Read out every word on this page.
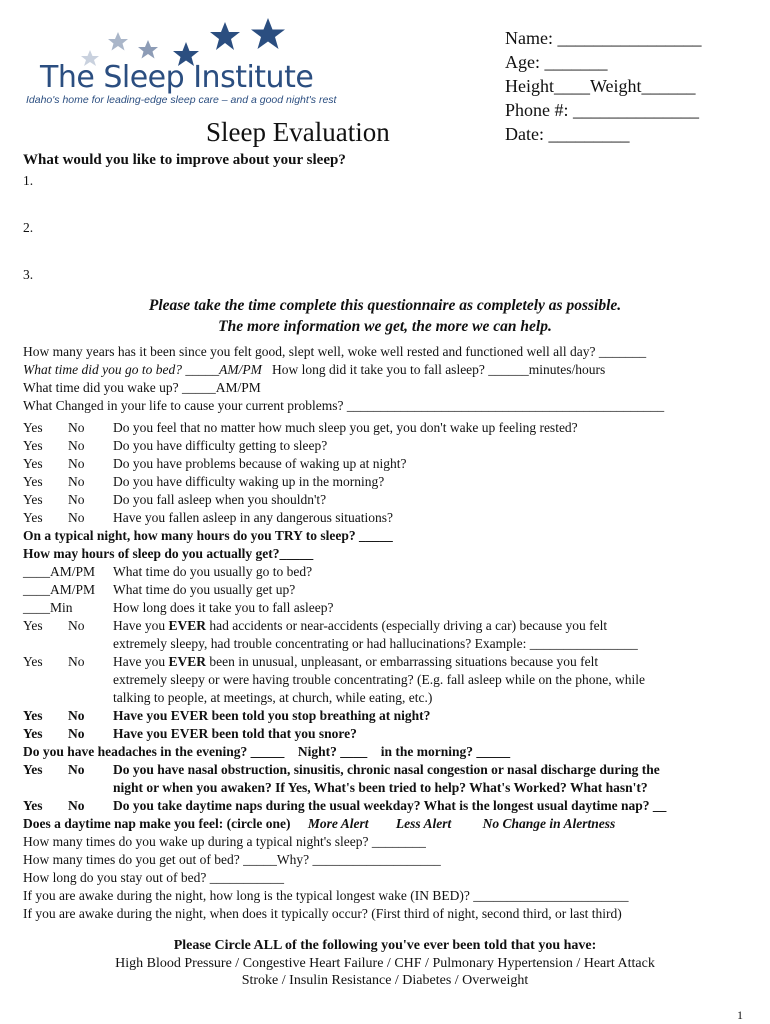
The Sleep Institute
Idaho's home for leading-edge sleep care – and a good night's rest
Sleep Evaluation
Name: ________________
Age: _______
Height____Weight______
Phone #: ______________
Date: _________
What would you like to improve about your sleep?
1.
2.
3.
Please take the time complete this questionnaire as completely as possible.
The more information we get, the more we can help.
How many years has it been since you felt good, slept well, woke well rested and functioned well all day? _______
What time did you go to bed? _____AM/PM How long did it take you to fall asleep? ______minutes/hours
What time did you wake up? _____AM/PM
What Changed in your life to cause your current problems? _______________________________________________
Yes No Do you feel that no matter how much sleep you get, you don't wake up feeling rested?
Yes No Do you have difficulty getting to sleep?
Yes No Do you have problems because of waking up at night?
Yes No Do you have difficulty waking up in the morning?
Yes No Do you fall asleep when you shouldn't?
Yes No Have you fallen asleep in any dangerous situations?
On a typical night, how many hours do you TRY to sleep? _____
How may hours of sleep do you actually get?_____
____AM/PM What time do you usually go to bed?
____AM/PM What time do you usually get up?
____Min	How long does it take you to fall asleep?
Yes No Have you EVER had accidents or near-accidents (especially driving a car) because you felt
extremely sleepy, had trouble concentrating or had hallucinations? Example: ________________
Yes No Have you EVER been in unusual, unpleasant, or embarrassing situations because you felt
extremely sleepy or were having trouble concentrating? (E.g. fall asleep while on the phone, while
talking to people, at meetings, at church, while eating, etc.)
Yes No Have you EVER been told you stop breathing at night?
Yes No Have you EVER been told that you snore?
Do you have headaches in the evening? _____ Night? ____ in the morning? _____
Yes No Do you have nasal obstruction, sinusitis, chronic nasal congestion or nasal discharge during the
night or when you awaken? If Yes, What's been tried to help? What's Worked? What hasn't?
Yes No Do you take daytime naps during the usual weekday? What is the longest usual daytime nap? __
Does a daytime nap make you feel: (circle one) More Alert Less Alert No Change in Alertness
How many times do you wake up during a typical night's sleep? ________
How many times do you get out of bed? _____Why? ___________________
How long do you stay out of bed? ___________
If you are awake during the night, how long is the typical longest wake (IN BED)? _______________________
If you are awake during the night, when does it typically occur? (First third of night, second third, or last third)
Please Circle ALL of the following you've ever been told that you have:
High Blood Pressure / Congestive Heart Failure / CHF / Pulmonary Hypertension / Heart Attack
Stroke / Insulin Resistance / Diabetes / Overweight
1
